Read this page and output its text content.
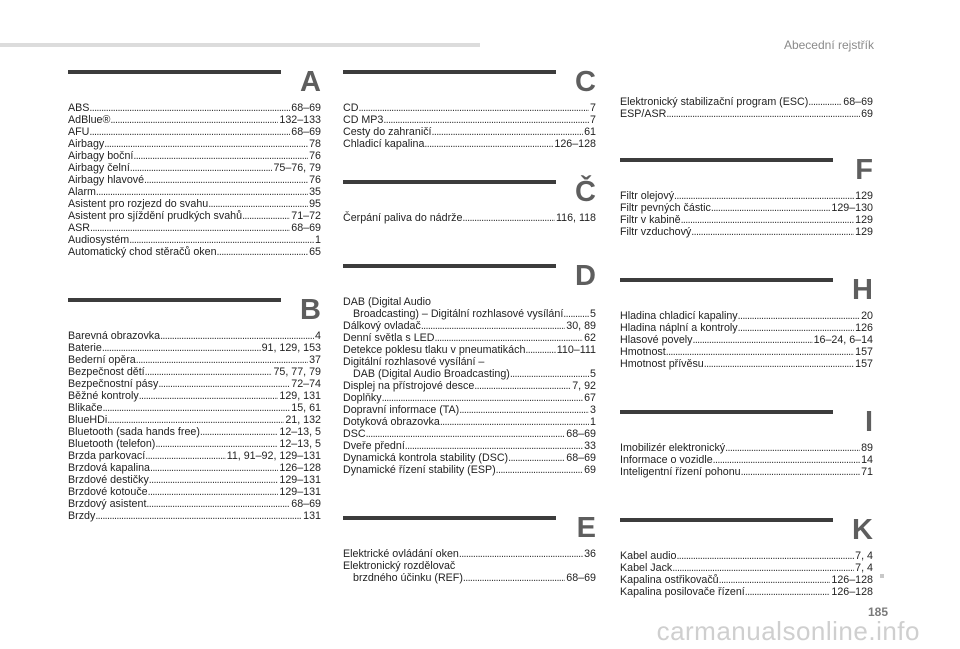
Abecední rejstřík
A
ABS . . .	68–69
AdBlue® . . .	132–133
AFU . . .	68–69
Airbagy . . .	78
Airbagy boční . . .	76
Airbagy čelní . . .	75–76, 79
Airbagy hlavové . . .	76
Alarm . . .	35
Asistent pro rozjezd do svahu . . .	95
Asistent pro sjíždění prudkých svahů . . .	71–72
ASR . . .	68–69
Audiosystém . . .	1
Automatický chod stěračů oken . . .	65
B
Barevná obrazovka . . .	4
Baterie . . .	91, 129, 153
Bederní opěra . . .	37
Bezpečnost dětí . . .	75, 77, 79
Bezpečnostní pásy . . .	72–74
Běžné kontroly . . .	129, 131
Blikače . . .	15, 61
BlueHDi . . .	21, 132
Bluetooth (sada hands free) . . .	12–13, 5
Bluetooth (telefon) . . .	12–13, 5
Brzda parkovací . . .	11, 91–92, 129–131
Brzdová kapalina . . .	126–128
Brzdové destičky . . .	129–131
Brzdové kotouče . . .	129–131
Brzdový asistent . . .	68–69
Brzdy . . .	131
C
CD . . .	7
CD MP3 . . .	7
Cesty do zahraničí . . .	61
Chladicí kapalina . . .	126–128
Č
Čerpání paliva do nádrže . . .	116, 118
D
DAB (Digital Audio
Broadcasting) – Digitální rozhlasové vysílání . . .	5
Dálkový ovladač . . .	30, 89
Denní světla s LED . . .	62
Detekce poklesu tlaku v pneumatikách . . .	110–111
Digitální rozhlasové vysílání –
DAB (Digital Audio Broadcasting) . . .	5
Displej na přístrojové desce . . .	7, 92
Doplňky . . .	67
Dopravní informace (TA) . . .	3
Dotyková obrazovka . . .	1
DSC . . .	68–69
Dveře přední . . .	33
Dynamická kontrola stability (DSC) . . .	68–69
Dynamické řízení stability (ESP) . . .	69
E
Elektrické ovládání oken . . .	36
Elektronický rozdělovač
brzdného účinku (REF) . . .	68–69
Elektronický stabilizační program (ESC) . . .	68–69
ESP/ASR . . .	69
F
Filtr olejový . . .	129
Filtr pevných částic . . .	129–130
Filtr v kabině . . .	129
Filtr vzduchový . . .	129
H
Hladina chladicí kapaliny . . .	20
Hladina náplní a kontroly . . .	126
Hlasové povely . . .	16–24, 6–14
Hmotnost . . .	157
Hmotnost přívěsu . . .	157
I
Imobilizér elektronický . . .	89
Informace o vozidle . . .	14
Inteligentní řízení pohonu . . .	71
K
Kabel audio . . .	7, 4
Kabel Jack . . .	7, 4
Kapalina ostřikovačů . . .	126–128
Kapalina posilovače řízení . . .	126–128
185
carmanualsonline.info
